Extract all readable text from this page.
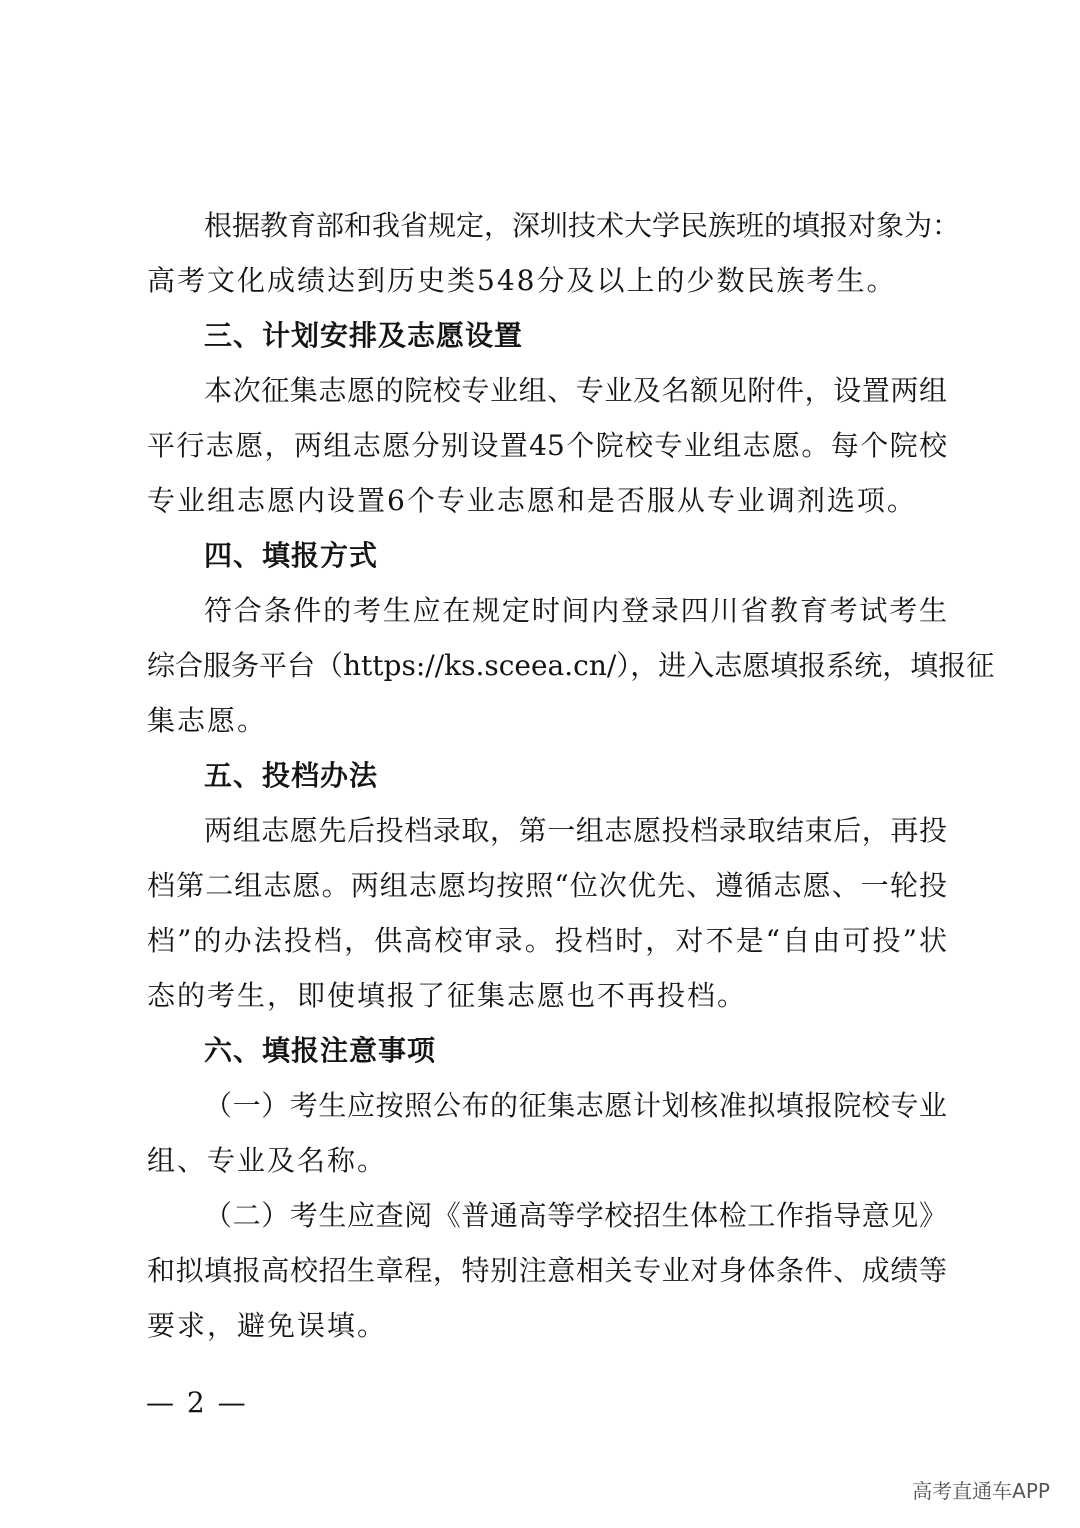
根据教育部和我省规定，深圳技术大学民族班的填报对象为：
高考文化成绩达到历史类548分及以上的少数民族考生。
三、计划安排及志愿设置
本次征集志愿的院校专业组、专业及名额见附件，设置两组
平行志愿，两组志愿分别设置45个院校专业组志愿。每个院校
专业组志愿内设置6个专业志愿和是否服从专业调剂选项。
四、填报方式
符合条件的考生应在规定时间内登录四川省教育考试考生
综合服务平台（https://ks.sceea.cn/），进入志愿填报系统，填报征
集志愿。
五、投档办法
两组志愿先后投档录取，第一组志愿投档录取结束后，再投
档第二组志愿。两组志愿均按照“位次优先、遵循志愿、一轮投
档”的办法投档，供高校审录。投档时，对不是“自由可投”状
态的考生，即使填报了征集志愿也不再投档。
六、填报注意事项
（一）考生应按照公布的征集志愿计划核准拟填报院校专业
组、专业及名称。
（二）考生应查阅《普通高等学校招生体检工作指导意见》
和拟填报高校招生章程，特别注意相关专业对身体条件、成绩等
要求，避免误填。
— 2 —
高考直通车APP
